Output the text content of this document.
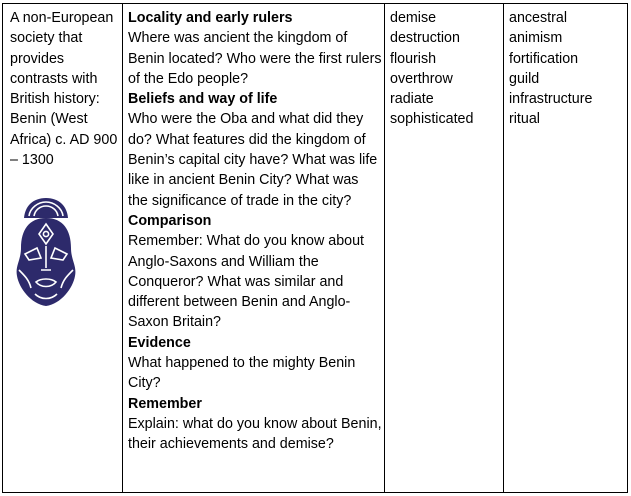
A non-European society that provides contrasts with British history: Benin (West Africa) c. AD 900 – 1300
Locality and early rulers
Where was ancient the kingdom of Benin located? Who were the first rulers of the Edo people?
Beliefs and way of life
Who were the Oba and what did they do? What features did the kingdom of Benin’s capital city have? What was life like in ancient Benin City? What was the significance of trade in the city?
Comparison
Remember: What do you know about Anglo-Saxons and William the Conqueror? What was similar and different between Benin and Anglo-Saxon Britain?
Evidence
What happened to the mighty Benin City?
Remember
Explain: what do you know about Benin, their achievements and demise?
demise
destruction
flourish
overthrow
radiate
sophisticated
ancestral
animism
fortification
guild
infrastructure
ritual
